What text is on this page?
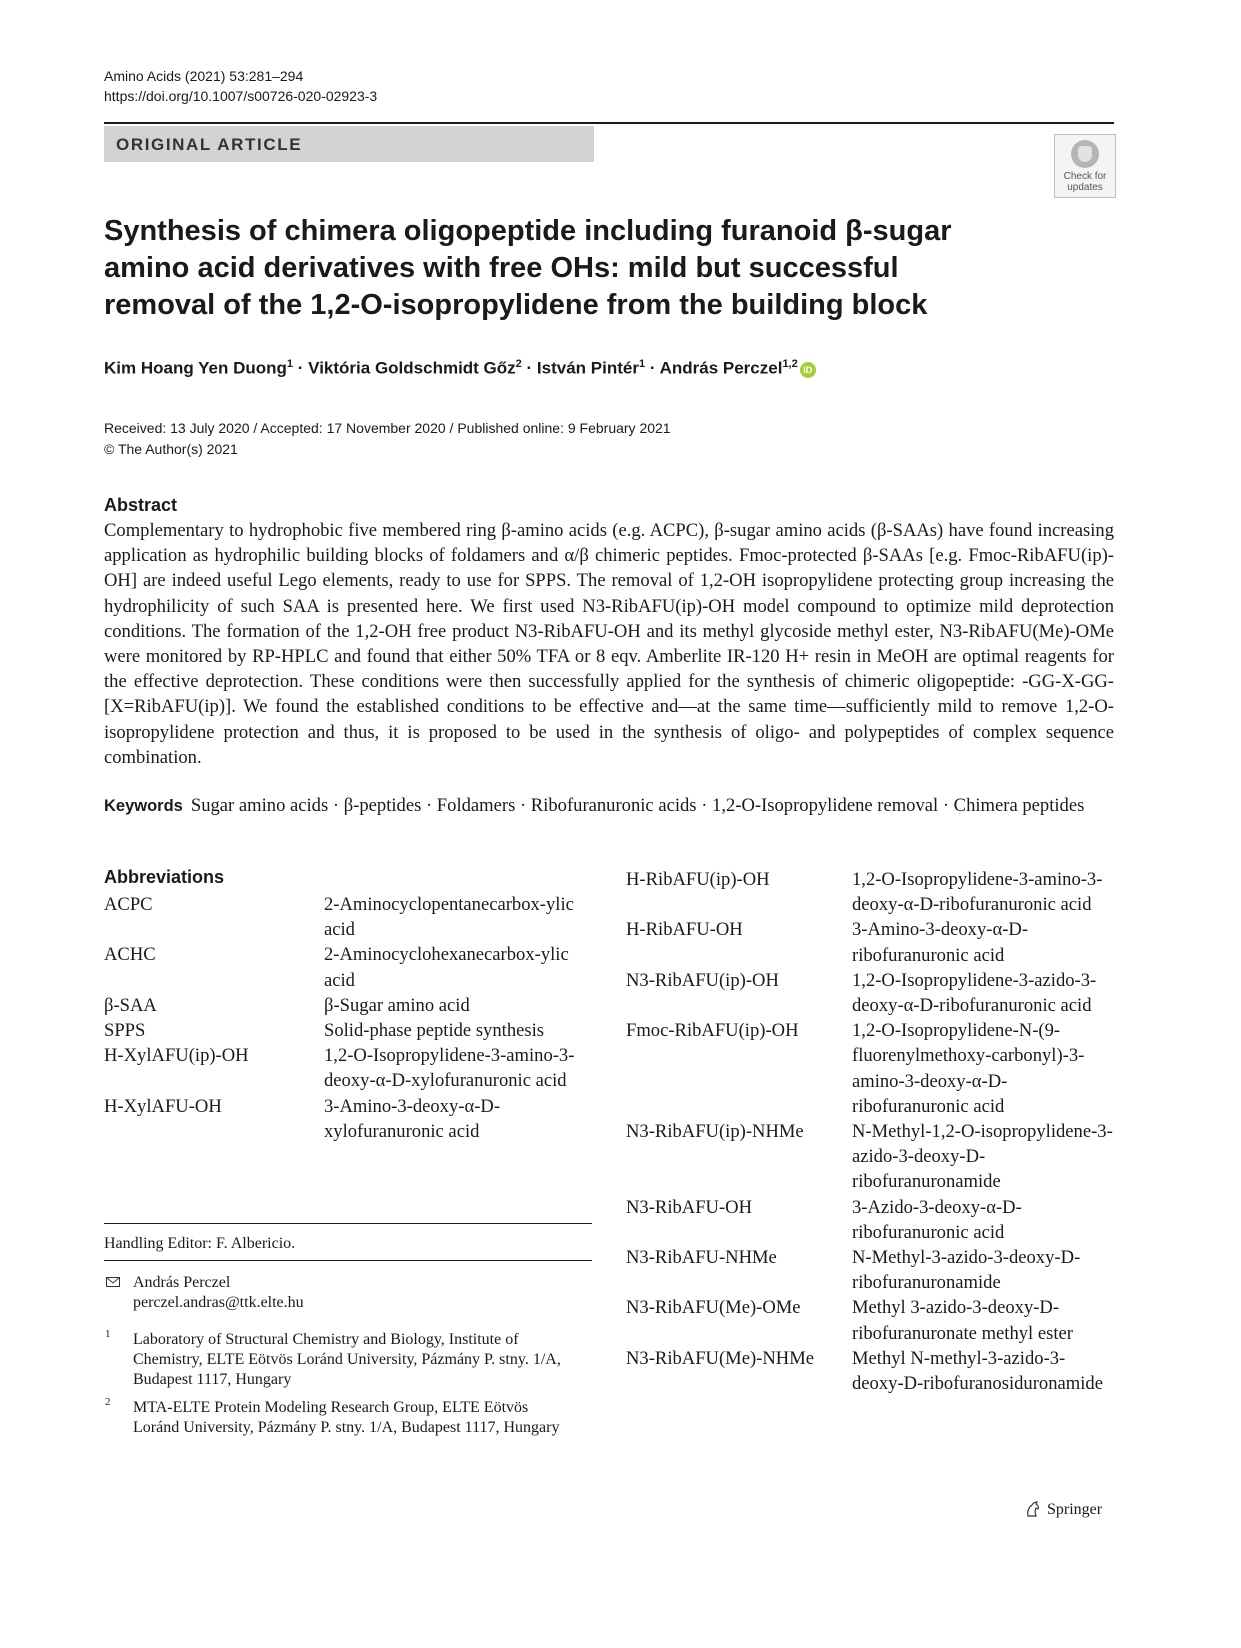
Amino Acids (2021) 53:281–294
https://doi.org/10.1007/s00726-020-02923-3
ORIGINAL ARTICLE
Check for updates
Synthesis of chimera oligopeptide including furanoid β-sugar amino acid derivatives with free OHs: mild but successful removal of the 1,2-O-isopropylidene from the building block
Kim Hoang Yen Duong$^1$ · Viktória Goldschmidt Gőz$^2$ · István Pintér$^1$ · András Perczel$^{1,2}$ iD
Received: 13 July 2020 / Accepted: 17 November 2020 / Published online: 9 February 2021
© The Author(s) 2021
Abstract

Complementary to hydrophobic five membered ring β-amino acids (e.g. ACPC), β-sugar amino acids (β-SAAs) have found increasing application as hydrophilic building blocks of foldamers and α/β chimeric peptides. Fmoc-protected β-SAAs [e.g. Fmoc-RibAFU(ip)-OH] are indeed useful Lego elements, ready to use for SPPS. The removal of 1,2-OH isopropylidene protecting group increasing the hydrophilicity of such SAA is presented here. We first used N3-RibAFU(ip)-OH model compound to optimize mild deprotection conditions. The formation of the 1,2-OH free product N3-RibAFU-OH and its methyl glycoside methyl ester, N3-RibAFU(Me)-OMe were monitored by RP-HPLC and found that either 50% TFA or 8 eqv. Amberlite IR-120 H+ resin in MeOH are optimal reagents for the effective deprotection. These conditions were then successfully applied for the synthesis of chimeric oligopeptide: -GG-X-GG- [X=RibAFU(ip)]. We found the established conditions to be effective and—at the same time—sufficiently mild to remove 1,2-O-isopropylidene protection and thus, it is proposed to be used in the synthesis of oligo- and polypeptides of complex sequence combination.

Keywords Sugar amino acids · β-peptides · Foldamers · Ribofuranuronic acids · 1,2-O-Isopropylidene removal · Chimera peptides
Abbreviations
ACPC	2-Aminocyclopentanecarbox-ylic acid
ACHC	2-Aminocyclohexanecarbox-ylic acid
β-SAA	β-Sugar amino acid
SPPS	Solid-phase peptide synthesis
H-XylAFU(ip)-OH	1,2-O-Isopropylidene-3-amino-3-deoxy-α-D-xylofuranuronic acid
H-XylAFU-OH	3-Amino-3-deoxy-α-D-xylofuranuronic acid
H-RibAFU(ip)-OH	1,2-O-Isopropylidene-3-amino-3-deoxy-α-D-ribofuranuronic acid
H-RibAFU-OH	3-Amino-3-deoxy-α-D-ribofuranuronic acid
N3-RibAFU(ip)-OH	1,2-O-Isopropylidene-3-azido-3-deoxy-α-D-ribofuranuronic acid
Fmoc-RibAFU(ip)-OH	1,2-O-Isopropylidene-N-(9-fluorenylmethoxy-carbonyl)-3-amino-3-deoxy-α-D-ribofuranuronic acid
N3-RibAFU(ip)-NHMe	N-Methyl-1,2-O-isopropylidene-3-azido-3-deoxy-D-ribofuranuronamide
N3-RibAFU-OH	3-Azido-3-deoxy-α-D-ribofuranuronic acid
N3-RibAFU-NHMe	N-Methyl-3-azido-3-deoxy-D-ribofuranuronamide
N3-RibAFU(Me)-OMe	Methyl 3-azido-3-deoxy-D-ribofuranuronate methyl ester
N3-RibAFU(Me)-NHMe	Methyl N-methyl-3-azido-3-deoxy-D-ribofuranosiduronamide
Handling Editor: F. Albericio.
András Perczel
perczel.andras@ttk.elte.hu
1 Laboratory of Structural Chemistry and Biology, Institute of Chemistry, ELTE Eötvös Loránd University, Pázmány P. stny. 1/A, Budapest 1117, Hungary
2 MTA-ELTE Protein Modeling Research Group, ELTE Eötvös Loránd University, Pázmány P. stny. 1/A, Budapest 1117, Hungary
Springer
